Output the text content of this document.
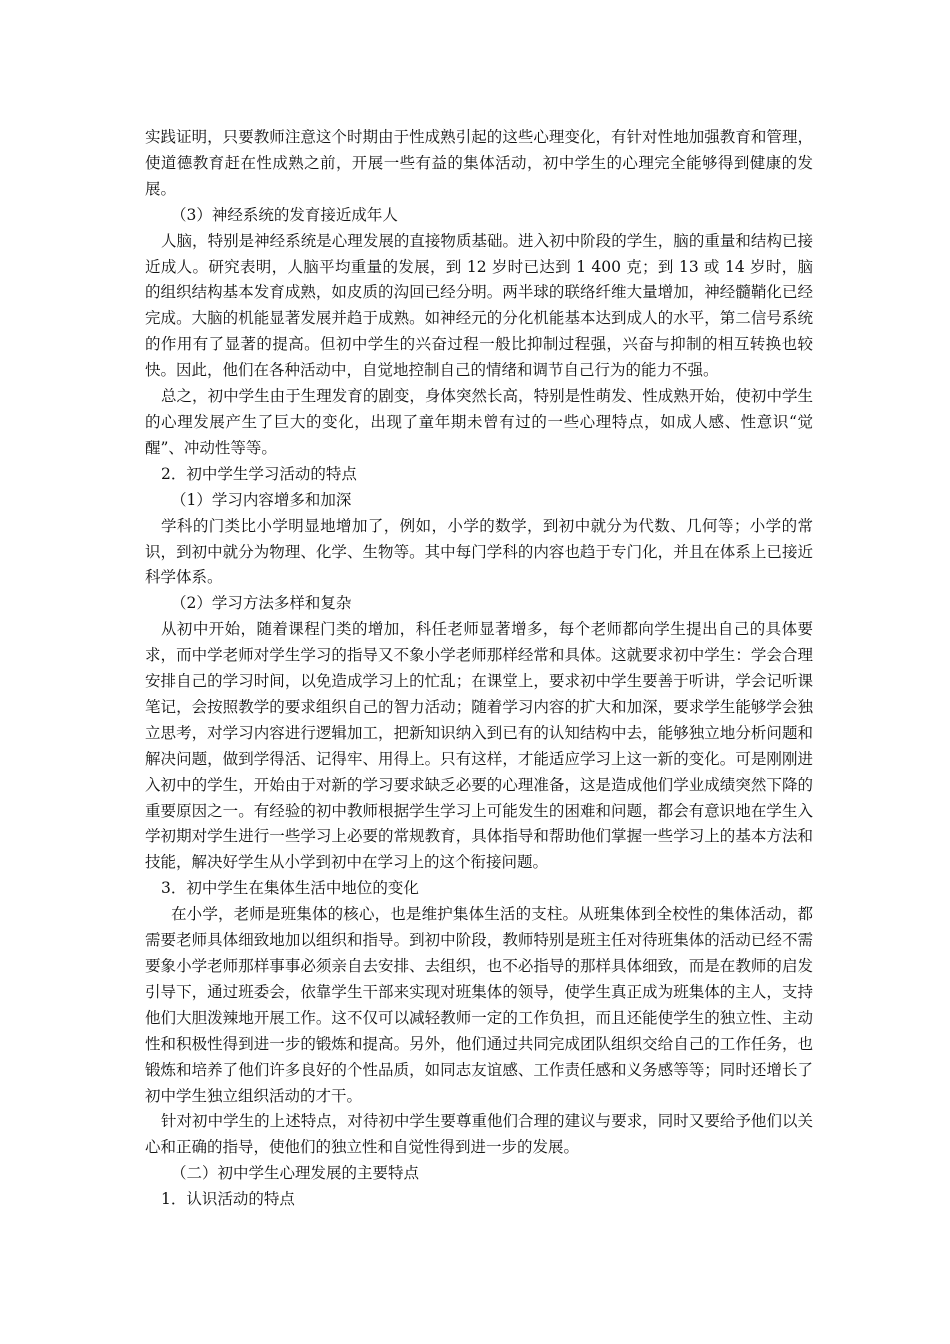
实践证明，只要教师注意这个时期由于性成熟引起的这些心理变化，有针对性地加强教育和管理，使道德教育赶在性成熟之前，开展一些有益的集体活动，初中学生的心理完全能够得到健康的发展。

（3）神经系统的发育接近成年人

人脑，特别是神经系统是心理发展的直接物质基础。进入初中阶段的学生，脑的重量和结构已接近成人。研究表明，人脑平均重量的发展，到 12 岁时已达到 1 400 克；到 13 或 14 岁时，脑的组织结构基本发育成熟，如皮质的沟回已经分明。两半球的联络纤维大量增加，神经髓鞘化已经完成。大脑的机能显著发展并趋于成熟。如神经元的分化机能基本达到成人的水平，第二信号系统的作用有了显著的提高。但初中学生的兴奋过程一般比抑制过程强，兴奋与抑制的相互转换也较快。因此，他们在各种活动中，自觉地控制自己的情绪和调节自己行为的能力不强。

总之，初中学生由于生理发育的剧变，身体突然长高，特别是性萌发、性成熟开始，使初中学生的心理发展产生了巨大的变化，出现了童年期未曾有过的一些心理特点，如成人感、性意识“觉醒”、冲动性等等。

2．初中学生学习活动的特点

（1）学习内容增多和加深

学科的门类比小学明显地增加了，例如，小学的数学，到初中就分为代数、几何等；小学的常识，到初中就分为物理、化学、生物等。其中每门学科的内容也趋于专门化，并且在体系上已接近科学体系。

（2）学习方法多样和复杂

从初中开始，随着课程门类的增加，科任老师显著增多，每个老师都向学生提出自己的具体要求，而中学老师对学生学习的指导又不象小学老师那样经常和具体。这就要求初中学生：学会合理安排自己的学习时间，以免造成学习上的忙乱；在课堂上，要求初中学生要善于听讲，学会记听课笔记，会按照教学的要求组织自己的智力活动；随着学习内容的扩大和加深，要求学生能够学会独立思考，对学习内容进行逻辑加工，把新知识纳入到已有的认知结构中去，能够独立地分析问题和解决问题，做到学得活、记得牢、用得上。只有这样，才能适应学习上这一新的变化。可是刚刚进入初中的学生，开始由于对新的学习要求缺乏必要的心理准备，这是造成他们学业成绩突然下降的重要原因之一。有经验的初中教师根据学生学习上可能发生的困难和问题，都会有意识地在学生入学初期对学生进行一些学习上必要的常规教育，具体指导和帮助他们掌握一些学习上的基本方法和技能，解决好学生从小学到初中在学习上的这个衔接问题。

3．初中学生在集体生活中地位的变化

在小学，老师是班集体的核心，也是维护集体生活的支柱。从班集体到全校性的集体活动，都需要老师具体细致地加以组织和指导。到初中阶段，教师特别是班主任对待班集体的活动已经不需要象小学老师那样事事必须亲自去安排、去组织，也不必指导的那样具体细致，而是在教师的启发引导下，通过班委会，依靠学生干部来实现对班集体的领导，使学生真正成为班集体的主人，支持他们大胆泼辣地开展工作。这不仅可以减轻教师一定的工作负担，而且还能使学生的独立性、主动性和积极性得到进一步的锻炼和提高。另外，他们通过共同完成团队组织交给自己的工作任务，也锻炼和培养了他们许多良好的个性品质，如同志友谊感、工作责任感和义务感等等；同时还增长了初中学生独立组织活动的才干。

针对初中学生的上述特点，对待初中学生要尊重他们合理的建议与要求，同时又要给予他们以关心和正确的指导，使他们的独立性和自觉性得到进一步的发展。

（二）初中学生心理发展的主要特点

1．认识活动的特点
